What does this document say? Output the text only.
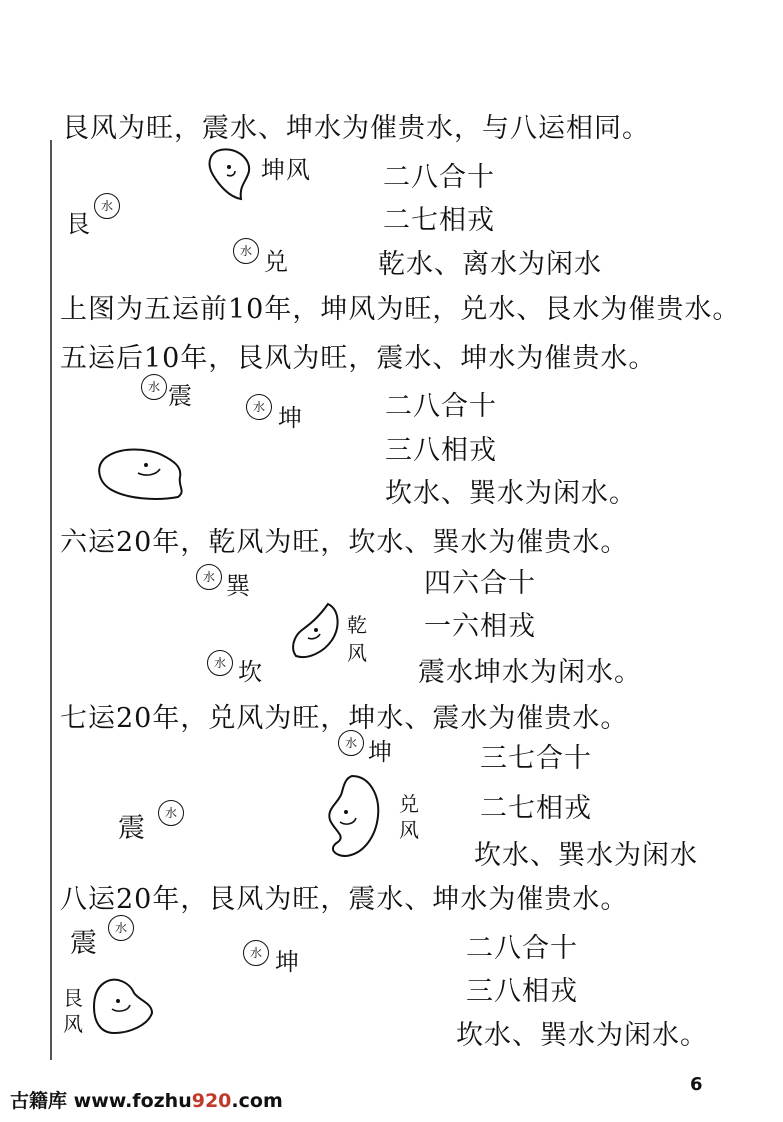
艮风为旺，震水、坤水为催贵水，与八运相同。
坤风
艮
水
水 兑
二八合十
二七相戎
乾水、离水为闲水
上图为五运前10年，坤风为旺，兑水、艮水为催贵水。
五运后10年，艮风为旺，震水、坤水为催贵水。
水 震	水 坤	二八合十
三八相戎
坎水、巽水为闲水。
六运20年，乾风为旺，坎水、巽水为催贵水。
水 巽
乾
风
水 坎
四六合十
一六相戎
震水坤水为闲水。
七运20年，兑风为旺，坤水、震水为催贵水。
水 坤
震	水	兑
风
三七合十
二七相戎
坎水、巽水为闲水
八运20年，艮风为旺，震水、坤水为催贵水。
震	水
水 坤
艮
风
二八合十
三八相戎
坎水、巽水为闲水。
古籍库 www.fozhu920.com
6
